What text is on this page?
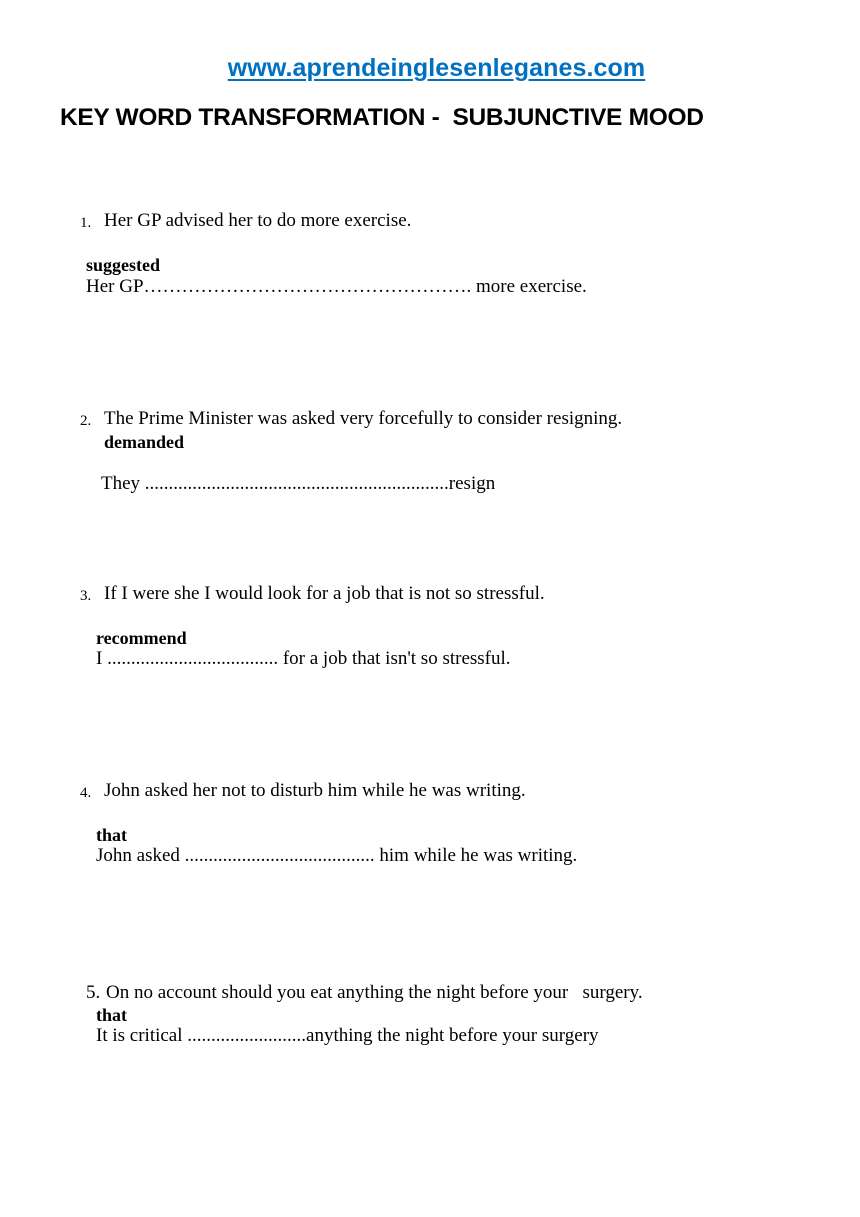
www.aprendeinglesenleganes.com
KEY WORD TRANSFORMATION -  SUBJUNCTIVE MOOD
1. Her GP advised her to do more exercise.
suggested
Her GP……………………………………………. more exercise.
2. The Prime Minister was asked very forcefully to consider resigning.
demanded
They ................................................................resign
3. If I were she I would look for a job that is not so stressful.
recommend
I .................................... for a job that isn't so stressful.
4. John asked her not to disturb him while he was writing.
that
John asked ........................................ him while he was writing.
5. On no account should you eat anything the night before your   surgery.
that
It is critical .........................anything the night before your surgery
